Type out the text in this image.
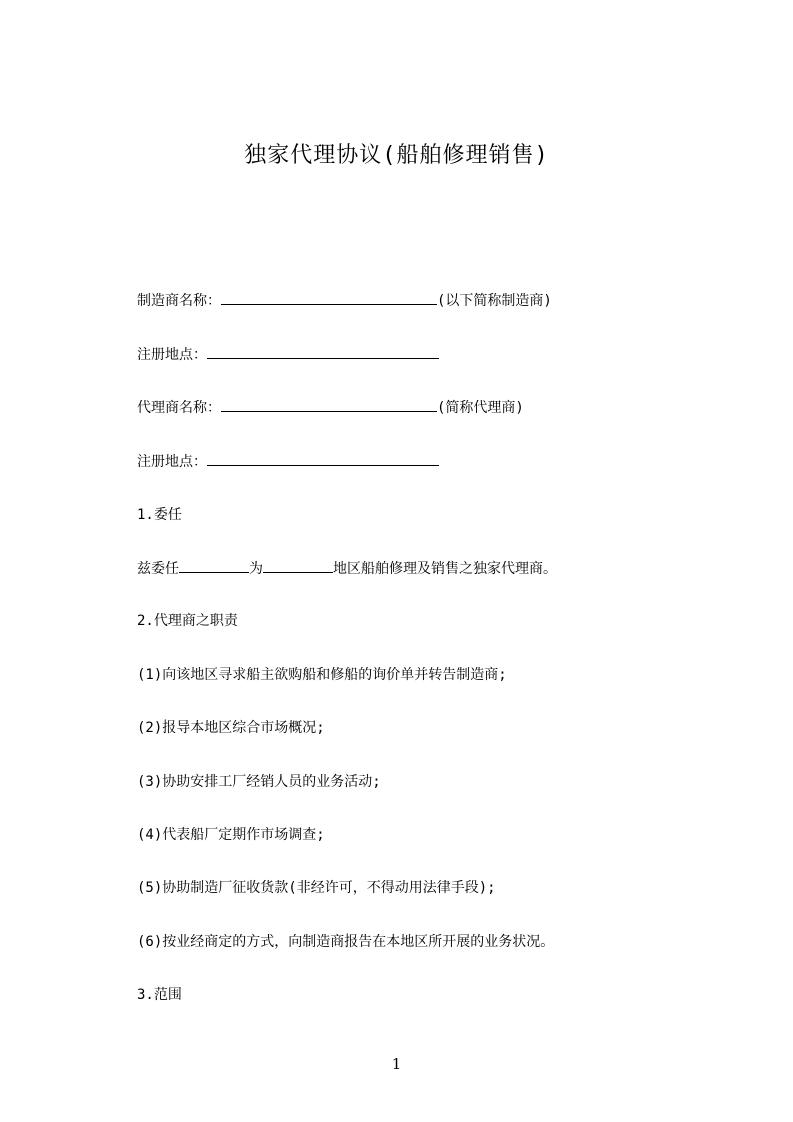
独家代理协议(船舶修理销售)
制造商名称：	(以下简称制造商)
注册地点：
代理商名称：	(简称代理商)
注册地点：
1.委任
兹委任	为	地区船舶修理及销售之独家代理商。
2.代理商之职责
(1)向该地区寻求船主欲购船和修船的询价单并转告制造商;
(2)报导本地区综合市场概况;
(3)协助安排工厂经销人员的业务活动;
(4)代表船厂定期作市场调查;
(5)协助制造厂征收货款(非经许可，不得动用法律手段);
(6)按业经商定的方式，向制造商报告在本地区所开展的业务状况。
3.范围
1
